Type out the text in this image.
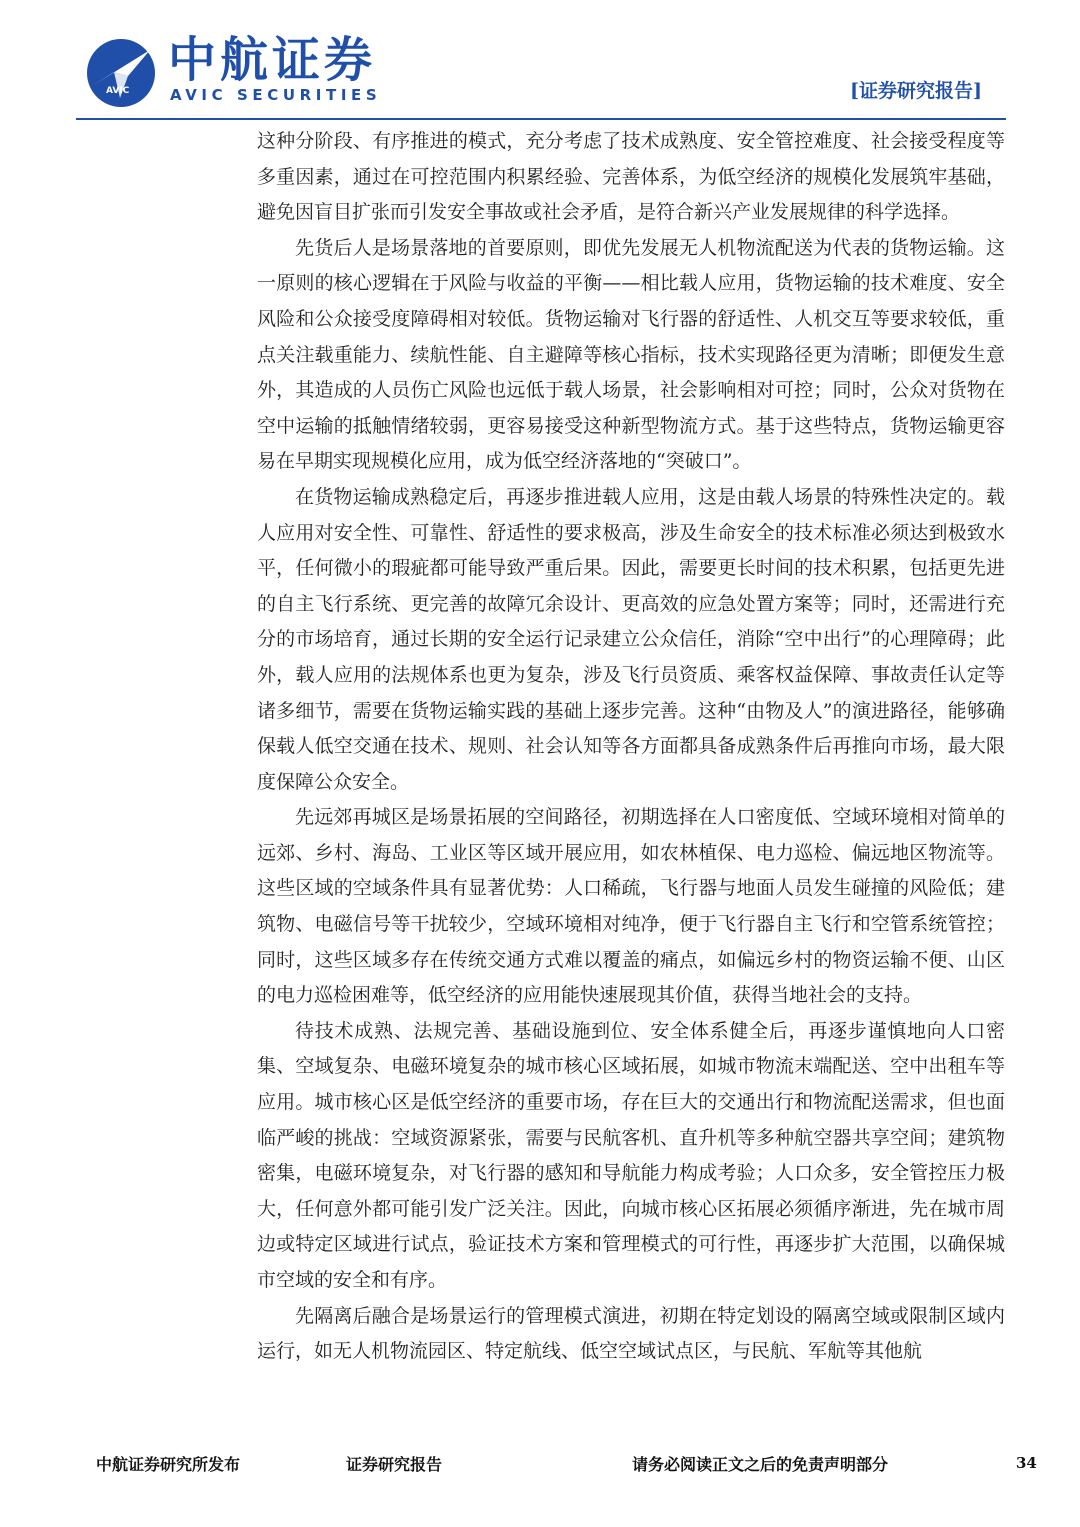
AVIC
中航证券
AVIC SECURITIES	[证券研究报告]

这种分阶段、有序推进的模式，充分考虑了技术成熟度、安全管控难度、社会接受程度等多重因素，通过在可控范围内积累经验、完善体系，为低空经济的规模化发展筑牢基础，避免因盲目扩张而引发安全事故或社会矛盾，是符合新兴产业发展规律的科学选择。

先货后人是场景落地的首要原则，即优先发展无人机物流配送为代表的货物运输。这一原则的核心逻辑在于风险与收益的平衡——相比载人应用，货物运输的技术难度、安全风险和公众接受度障碍相对较低。货物运输对飞行器的舒适性、人机交互等要求较低，重点关注载重能力、续航性能、自主避障等核心指标，技术实现路径更为清晰；即便发生意外，其造成的人员伤亡风险也远低于载人场景，社会影响相对可控；同时，公众对货物在空中运输的抵触情绪较弱，更容易接受这种新型物流方式。基于这些特点，货物运输更容易在早期实现规模化应用，成为低空经济落地的“突破口”。

在货物运输成熟稳定后，再逐步推进载人应用，这是由载人场景的特殊性决定的。载人应用对安全性、可靠性、舒适性的要求极高，涉及生命安全的技术标准必须达到极致水平，任何微小的瑕疵都可能导致严重后果。因此，需要更长时间的技术积累，包括更先进的自主飞行系统、更完善的故障冗余设计、更高效的应急处置方案等；同时，还需进行充分的市场培育，通过长期的安全运行记录建立公众信任，消除“空中出行”的心理障碍；此外，载人应用的法规体系也更为复杂，涉及飞行员资质、乘客权益保障、事故责任认定等诸多细节，需要在货物运输实践的基础上逐步完善。这种“由物及人”的演进路径，能够确保载人低空交通在技术、规则、社会认知等各方面都具备成熟条件后再推向市场，最大限度保障公众安全。

先远郊再城区是场景拓展的空间路径，初期选择在人口密度低、空域环境相对简单的远郊、乡村、海岛、工业区等区域开展应用，如农林植保、电力巡检、偏远地区物流等。这些区域的空域条件具有显著优势：人口稀疏，飞行器与地面人员发生碰撞的风险低；建筑物、电磁信号等干扰较少，空域环境相对纯净，便于飞行器自主飞行和空管系统管控；同时，这些区域多存在传统交通方式难以覆盖的痛点，如偏远乡村的物资运输不便、山区的电力巡检困难等，低空经济的应用能快速展现其价值，获得当地社会的支持。

待技术成熟、法规完善、基础设施到位、安全体系健全后，再逐步谨慎地向人口密集、空域复杂、电磁环境复杂的城市核心区域拓展，如城市物流末端配送、空中出租车等应用。城市核心区是低空经济的重要市场，存在巨大的交通出行和物流配送需求，但也面临严峻的挑战：空域资源紧张，需要与民航客机、直升机等多种航空器共享空间；建筑物密集，电磁环境复杂，对飞行器的感知和导航能力构成考验；人口众多，安全管控压力极大，任何意外都可能引发广泛关注。因此，向城市核心区拓展必须循序渐进，先在城市周边或特定区域进行试点，验证技术方案和管理模式的可行性，再逐步扩大范围，以确保城市空域的安全和有序。

先隔离后融合是场景运行的管理模式演进，初期在特定划设的隔离空域或限制区域内运行，如无人机物流园区、特定航线、低空空域试点区，与民航、军航等其他航

中航证券研究所发布	证券研究报告	请务必阅读正文之后的免责声明部分	34
